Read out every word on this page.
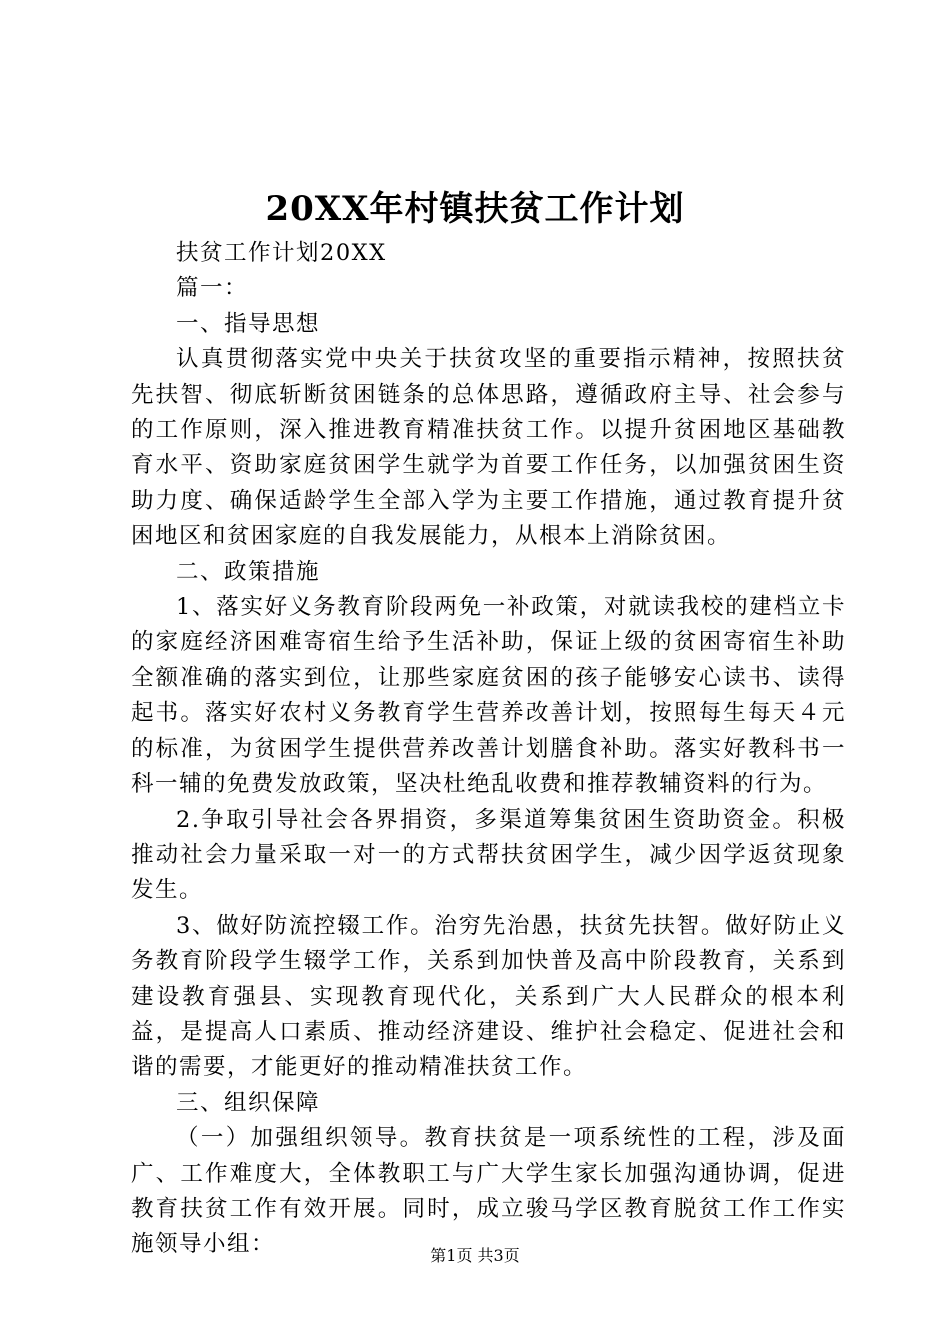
20XX年村镇扶贫工作计划

扶贫工作计划20XX

篇一：

一、指导思想

认真贯彻落实党中央关于扶贫攻坚的重要指示精神，按照扶贫先扶智、彻底斩断贫困链条的总体思路，遵循政府主导、社会参与的工作原则，深入推进教育精准扶贫工作。以提升贫困地区基础教育水平、资助家庭贫困学生就学为首要工作任务，以加强贫困生资助力度、确保适龄学生全部入学为主要工作措施，通过教育提升贫困地区和贫困家庭的自我发展能力，从根本上消除贫困。

二、政策措施

1、落实好义务教育阶段两免一补政策，对就读我校的建档立卡的家庭经济困难寄宿生给予生活补助，保证上级的贫困寄宿生补助全额准确的落实到位，让那些家庭贫困的孩子能够安心读书、读得起书。落实好农村义务教育学生营养改善计划，按照每生每天４元的标准，为贫困学生提供营养改善计划膳食补助。落实好教科书一科一辅的免费发放政策，坚决杜绝乱收费和推荐教辅资料的行为。

2.争取引导社会各界捐资，多渠道筹集贫困生资助资金。积极推动社会力量采取一对一的方式帮扶贫困学生，减少因学返贫现象发生。

3、做好防流控辍工作。治穷先治愚，扶贫先扶智。做好防止义务教育阶段学生辍学工作，关系到加快普及高中阶段教育，关系到建设教育强县、实现教育现代化，关系到广大人民群众的根本利益，是提高人口素质、推动经济建设、维护社会稳定、促进社会和谐的需要，才能更好的推动精准扶贫工作。

三、组织保障

（一）加强组织领导。教育扶贫是一项系统性的工程，涉及面广、工作难度大，全体教职工与广大学生家长加强沟通协调，促进教育扶贫工作有效开展。同时，成立骏马学区教育脱贫工作工作实施领导小组：	第1页 共3页
